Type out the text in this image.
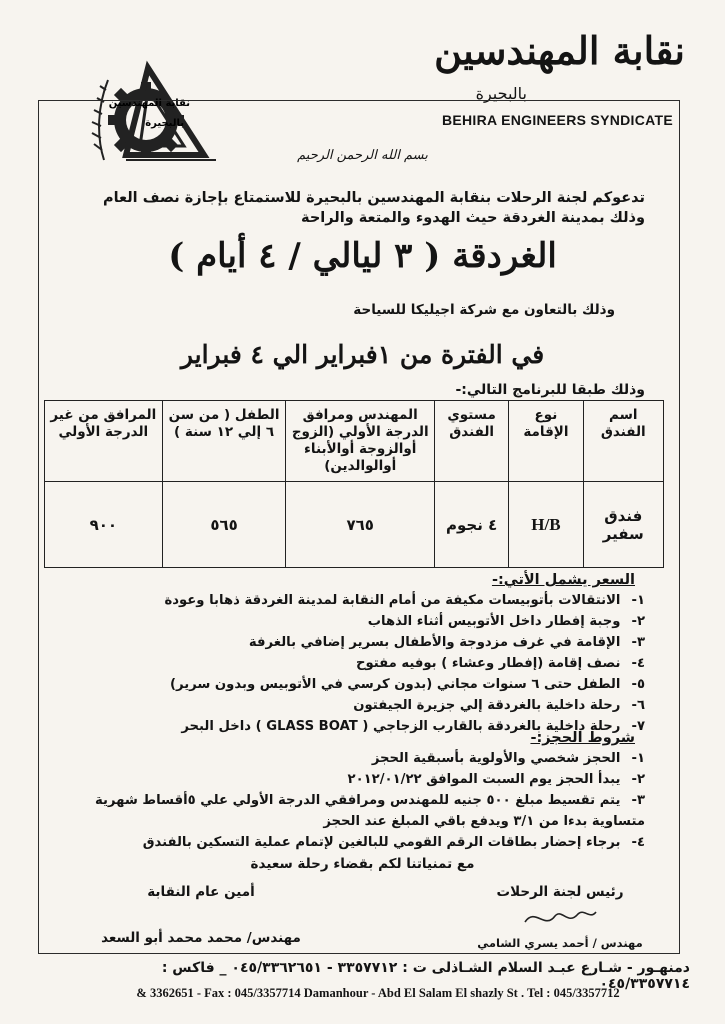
نقابة المهندسين
بالبحيرة
BEHIRA ENGINEERS SYNDICATE
نقابة المهندسين
بالبحيرة
بسم الله الرحمن الرحيم
تدعوكم لجنة الرحلات بنقابة المهندسين بالبحيرة للاستمتاع بإجازة نصف العام
وذلك بمدينة الغردقة حيث الهدوء والمتعة والراحة
الغردقة ( ٣ ليالي / ٤ أيام )
وذلك بالتعاون مع شركة اجيليكا للسياحة
في الفترة من ١فبراير الي ٤ فبراير
وذلك طبقا للبرنامج التالي:-
اسم الفندق	نوع الإقامة	مستوي الفندق	المهندس ومرافق الدرجة الأولي (الزوج أوالزوجة أوالأبناء أوالوالدين)	الطفل ( من سن ٦ إلي ١٢ سنة )	المرافق من غير الدرجة الأولي
فندق سفير	H/B	٤ نجوم	٧٦٥	٥٦٥	٩٠٠
السعر يشمل الأتي:-
١- الانتقالات بأتوبيسات مكيفة من أمام النقابة لمدينة الغردقة ذهابا وعودة
٢- وجبة إفطار داخل الأتوبيس أثناء الذهاب
٣- الإقامة في غرف مزدوجة والأطفال بسرير إضافي بالغرفة
٤- نصف إقامة (إفطار وعشاء ) بوفيه مفتوح
٥- الطفل حتى ٦ سنوات مجاني (بدون كرسي في الأتوبيس وبدون سرير)
٦- رحلة داخلية بالغردقة إلي جزيرة الجيفتون
٧- رحلة داخلية بالغردقة بالقارب الزجاجي ( GLASS BOAT ) داخل البحر
شروط الحجز:-
١- الحجز شخصي والأولوية بأسبقية الحجز
٢- يبدأ الحجز يوم السبت الموافق ٢٠١٢/٠١/٢٢
٣- يتم تقسيط مبلغ ٥٠٠ جنيه للمهندس ومرافقي الدرجة الأولي علي ٥أقساط شهرية متساوية بدءا من ٣/١ ويدفع باقي المبلغ عند الحجز
٤- برجاء إحضار بطاقات الرقم القومي للبالغين لإتمام عملية التسكين بالفندق
مع تمنياتنا لكم بقضاء رحلة سعيدة
رئيس لجنة الرحلات
مهندس / أحمد يسري الشامي
أمين عام النقابة
مهندس/ محمد محمد أبو السعد
دمنهـور - شـارع عبـد السلام الشـاذلى ت : ٣٣٥٧٧١٢ - ٠٤٥/٣٣٦٢٦٥١ _ فاكس : ٠٤٥/٣٣٥٧٧١٤
& 3362651 - Fax : 045/3357714 Damanhour - Abd El Salam El shazly St . Tel : 045/3357712
